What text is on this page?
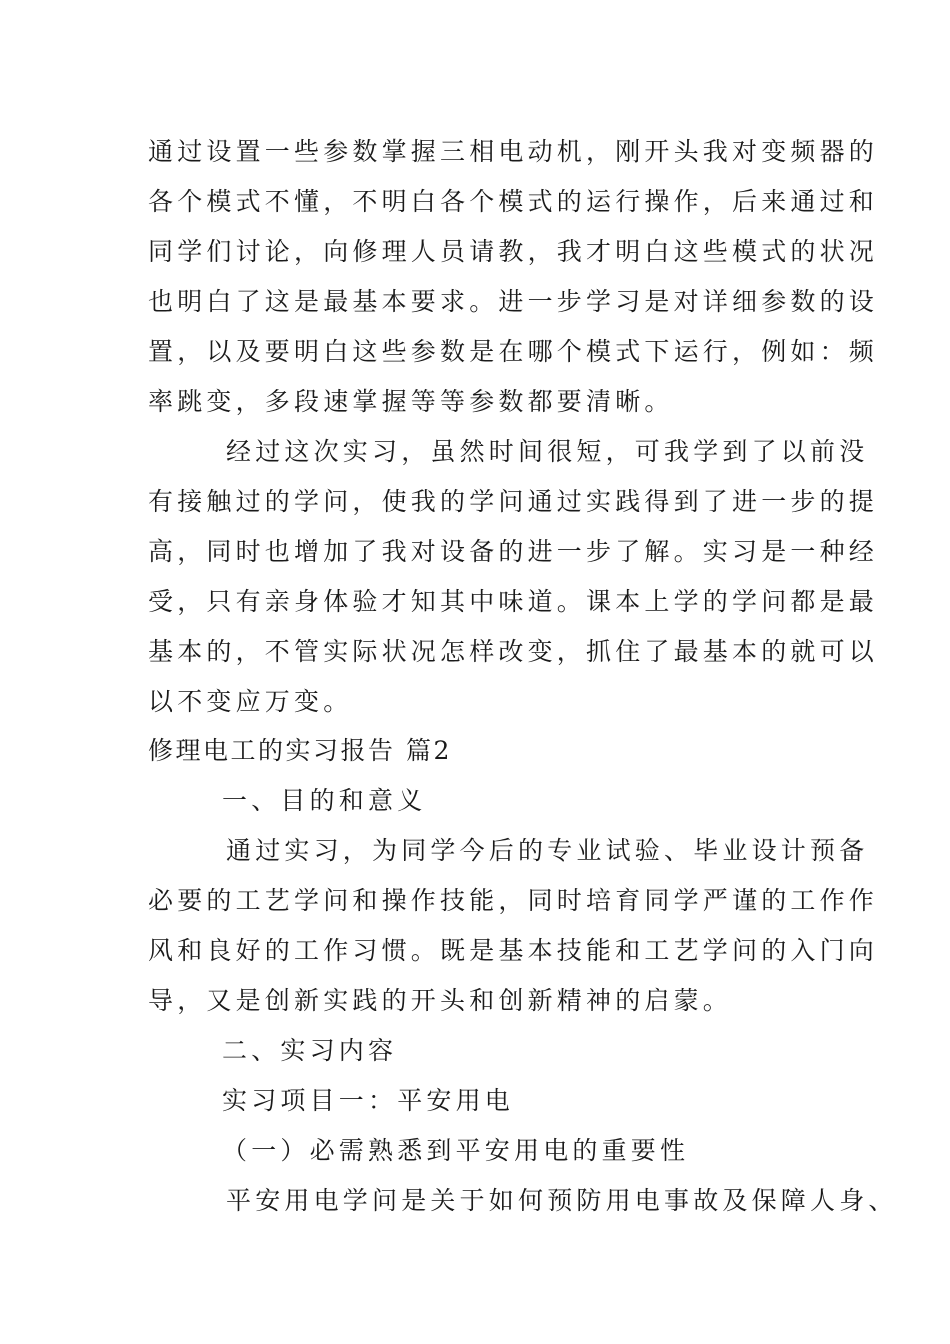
通过设置一些参数掌握三相电动机，刚开头我对变频器的
各个模式不懂，不明白各个模式的运行操作，后来通过和
同学们讨论，向修理人员请教，我才明白这些模式的状况
也明白了这是最基本要求。进一步学习是对详细参数的设
置，以及要明白这些参数是在哪个模式下运行，例如：频
率跳变，多段速掌握等等参数都要清晰。
经过这次实习，虽然时间很短，可我学到了以前没
有接触过的学问，使我的学问通过实践得到了进一步的提
高，同时也增加了我对设备的进一步了解。实习是一种经
受，只有亲身体验才知其中味道。课本上学的学问都是最
基本的，不管实际状况怎样改变，抓住了最基本的就可以
以不变应万变。
修理电工的实习报告 篇2
一、目的和意义
通过实习，为同学今后的专业试验、毕业设计预备
必要的工艺学问和操作技能，同时培育同学严谨的工作作
风和良好的工作习惯。既是基本技能和工艺学问的入门向
导，又是创新实践的开头和创新精神的启蒙。
二、实习内容
实习项目一：平安用电
（一）必需熟悉到平安用电的重要性
平安用电学问是关于如何预防用电事故及保障人身、
